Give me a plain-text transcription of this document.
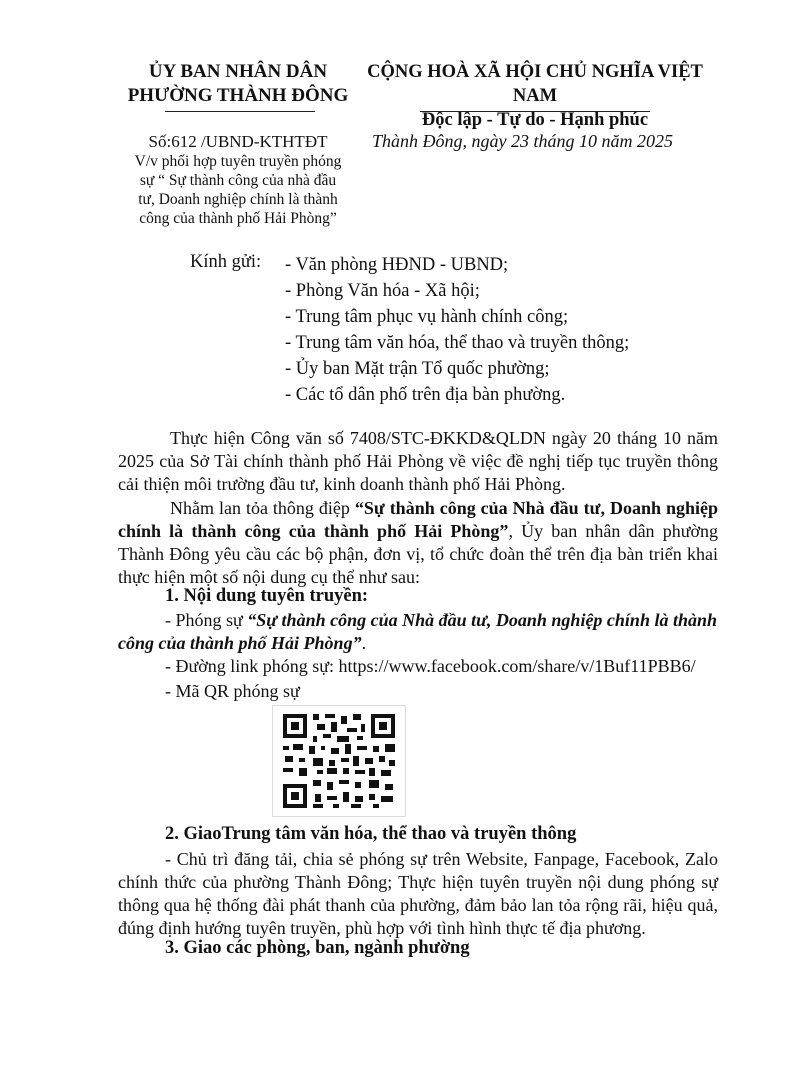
ỦY BAN NHÂN DÂN
PHƯỜNG THÀNH ĐÔNG
CỘNG HOÀ XÃ HỘI CHỦ NGHĨA VIỆT NAM
Độc lập - Tự do - Hạnh phúc
Số:612 /UBND-KTHTĐT
V/v phối hợp tuyên truyền phóng
sự “ Sự thành công của nhà đầu
tư, Doanh nghiệp chính là thành
công của thành phố Hải Phòng”
Thành Đông, ngày 23 tháng 10 năm 2025
Kính gửi: - Văn phòng HĐND - UBND;
- Phòng Văn hóa - Xã hội;
- Trung tâm phục vụ hành chính công;
- Trung tâm văn hóa, thể thao và truyền thông;
- Ủy ban Mặt trận Tổ quốc phường;
- Các tổ dân phố trên địa bàn phường.
Thực hiện Công văn số 7408/STC-ĐKKD&QLDN ngày 20 tháng 10 năm 2025 của Sở Tài chính thành phố Hải Phòng về việc đề nghị tiếp tục truyền thông cải thiện môi trường đầu tư, kinh doanh thành phố Hải Phòng.
Nhằm lan tỏa thông điệp “Sự thành công của Nhà đầu tư, Doanh nghiệp chính là thành công của thành phố Hải Phòng”, Ủy ban nhân dân phường Thành Đông yêu cầu các bộ phận, đơn vị, tổ chức đoàn thể trên địa bàn triển khai thực hiện một số nội dung cụ thể như sau:
1. Nội dung tuyên truyền:
- Phóng sự “Sự thành công của Nhà đầu tư, Doanh nghiệp chính là thành công của thành phố Hải Phòng”.
- Đường link phóng sự: https://www.facebook.com/share/v/1Buf11PBB6/
- Mã QR phóng sự
2. GiaoTrung tâm văn hóa, thể thao và truyền thông
- Chủ trì đăng tải, chia sẻ phóng sự trên Website, Fanpage, Facebook, Zalo chính thức của phường Thành Đông; Thực hiện tuyên truyền nội dung phóng sự thông qua hệ thống đài phát thanh của phường, đảm bảo lan tỏa rộng rãi, hiệu quả, đúng định hướng tuyên truyền, phù hợp với tình hình thực tế địa phương.
3. Giao các phòng, ban, ngành phường
